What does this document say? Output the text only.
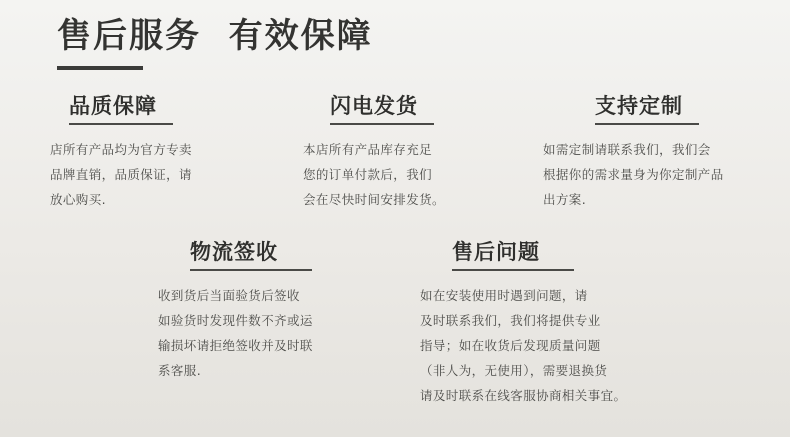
售后服务  有效保障
品质保障
店所有产品均为官方专卖
品牌直销，品质保证，请
放心购买.
闪电发货
本店所有产品库存充足
您的订单付款后，我们
会在尽快时间安排发货。
支持定制
如需定制请联系我们，我们会
根据你的需求量身为你定制产品
出方案.
物流签收
收到货后当面验货后签收
如验货时发现件数不齐或运
输损坏请拒绝签收并及时联
系客服.
售后问题
如在安装使用时遇到问题，请
及时联系我们，我们将提供专业
指导；如在收货后发现质量问题
（非人为，无使用），需要退换货
请及时联系在线客服协商相关事宜。
